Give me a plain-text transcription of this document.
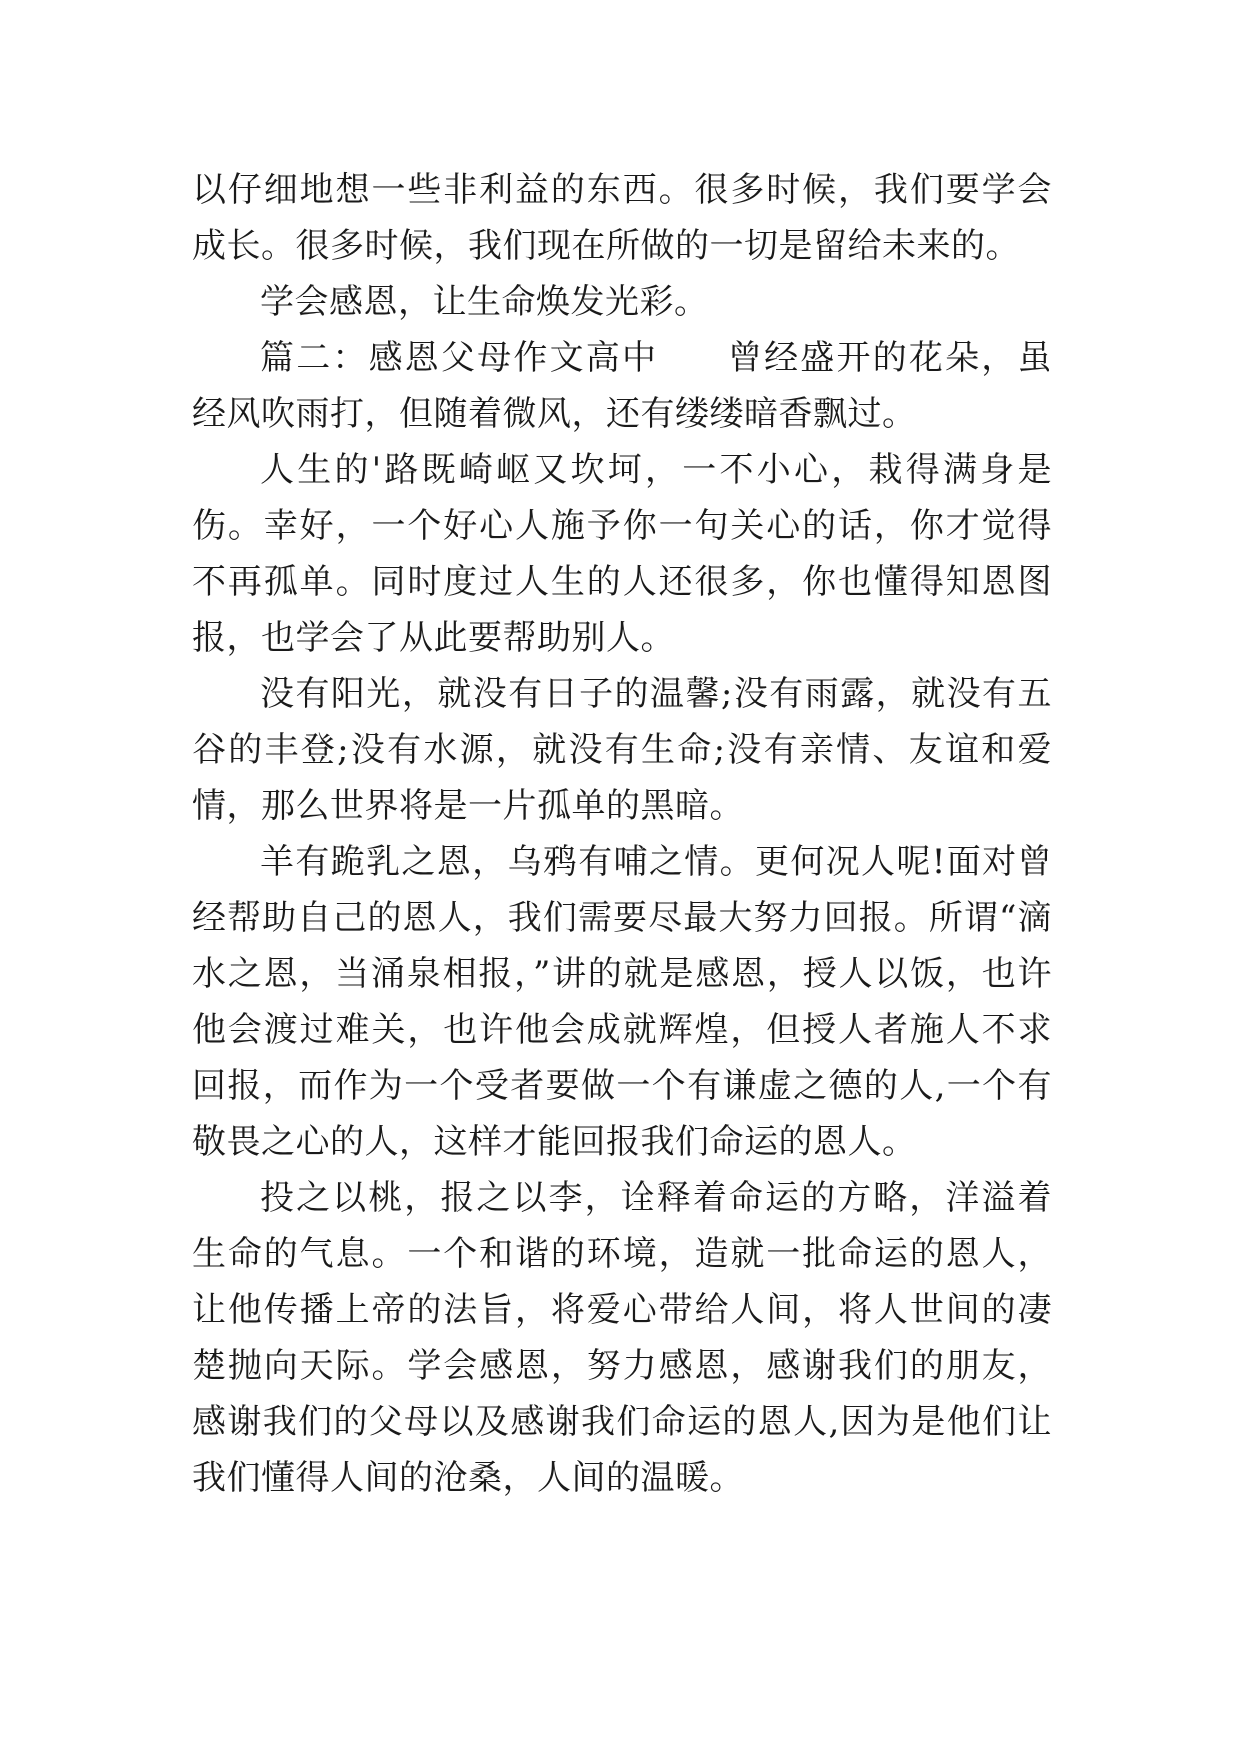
以仔细地想一些非利益的东西。很多时候，我们要学会成长。很多时候，我们现在所做的一切是留给未来的。

学会感恩，让生命焕发光彩。

篇二：感恩父母作文高中 曾经盛开的花朵，虽经风吹雨打，但随着微风，还有缕缕暗香飘过。

人生的'路既崎岖又坎坷，一不小心，栽得满身是伤。幸好，一个好心人施予你一句关心的话，你才觉得不再孤单。同时度过人生的人还很多，你也懂得知恩图报，也学会了从此要帮助别人。

没有阳光，就没有日子的温馨;没有雨露，就没有五谷的丰登;没有水源，就没有生命;没有亲情、友谊和爱情，那么世界将是一片孤单的黑暗。

羊有跪乳之恩，乌鸦有哺之情。更何况人呢!面对曾经帮助自己的恩人，我们需要尽最大努力回报。所谓“滴水之恩，当涌泉相报，”讲的就是感恩，授人以饭，也许他会渡过难关，也许他会成就辉煌，但授人者施人不求回报，而作为一个受者要做一个有谦虚之德的人,一个有敬畏之心的人，这样才能回报我们命运的恩人。

投之以桃，报之以李，诠释着命运的方略，洋溢着生命的气息。一个和谐的环境，造就一批命运的恩人，让他传播上帝的法旨，将爱心带给人间，将人世间的凄楚抛向天际。学会感恩，努力感恩，感谢我们的朋友，感谢我们的父母以及感谢我们命运的恩人,因为是他们让我们懂得人间的沧桑，人间的温暖。
